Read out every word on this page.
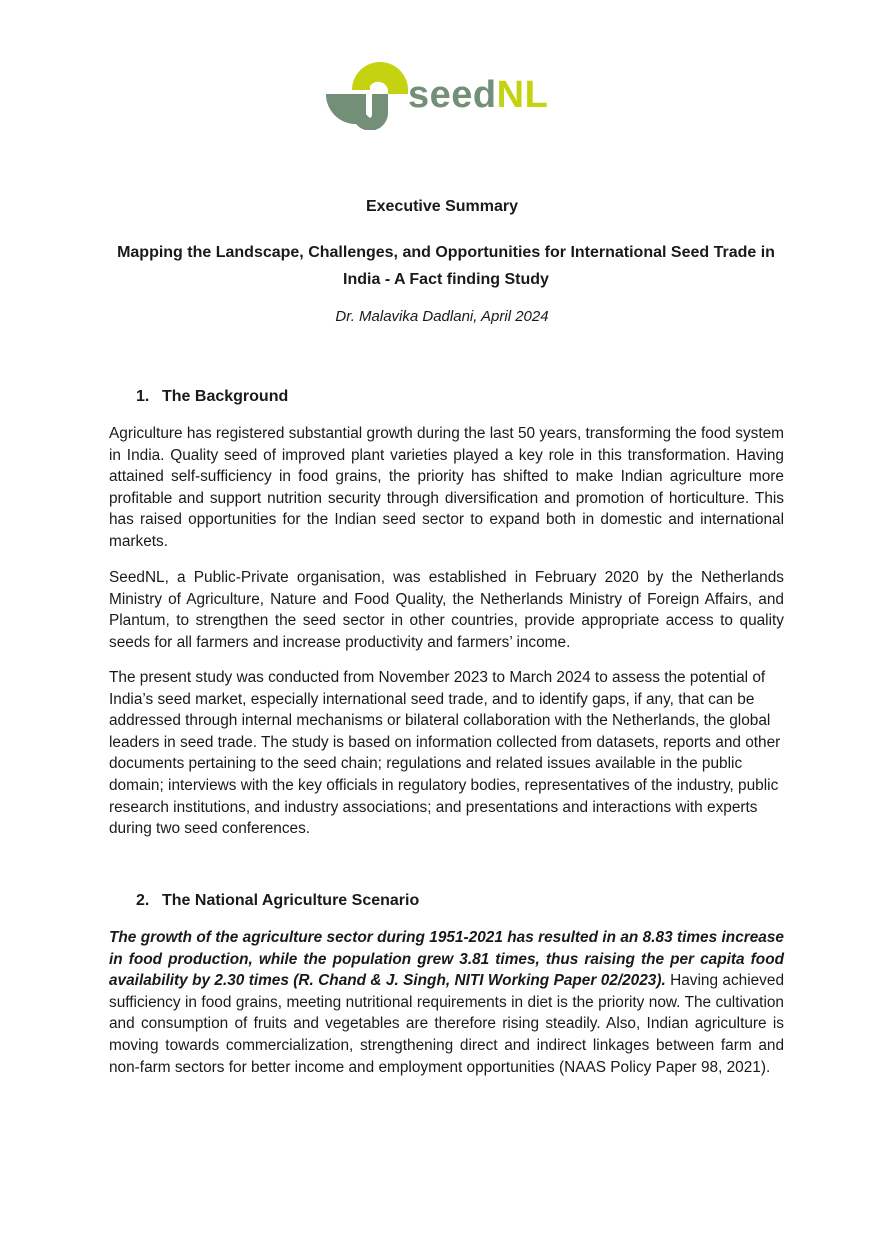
seedNL
Executive Summary
Mapping the Landscape, Challenges, and Opportunities for International Seed Trade in India - A Fact finding Study
Dr. Malavika Dadlani, April 2024
1. The Background

Agriculture has registered substantial growth during the last 50 years, transforming the food system in India. Quality seed of improved plant varieties played a key role in this transformation. Having attained self-sufficiency in food grains, the priority has shifted to make Indian agriculture more profitable and support nutrition security through diversification and promotion of horticulture. This has raised opportunities for the Indian seed sector to expand both in domestic and international markets.

SeedNL, a Public-Private organisation, was established in February 2020 by the Netherlands Ministry of Agriculture, Nature and Food Quality, the Netherlands Ministry of Foreign Affairs, and Plantum, to strengthen the seed sector in other countries, provide appropriate access to quality seeds for all farmers and increase productivity and farmers’ income.

The present study was conducted from November 2023 to March 2024 to assess the potential of India’s seed market, especially international seed trade, and to identify gaps, if any, that can be addressed through internal mechanisms or bilateral collaboration with the Netherlands, the global leaders in seed trade. The study is based on information collected from datasets, reports and other documents pertaining to the seed chain; regulations and related issues available in the public domain; interviews with the key officials in regulatory bodies, representatives of the industry, public research institutions, and industry associations; and presentations and interactions with experts during two seed conferences.

2. The National Agriculture Scenario

The growth of the agriculture sector during 1951-2021 has resulted in an 8.83 times increase in food production, while the population grew 3.81 times, thus raising the per capita food availability by 2.30 times (R. Chand & J. Singh, NITI Working Paper 02/2023). Having achieved sufficiency in food grains, meeting nutritional requirements in diet is the priority now. The cultivation and consumption of fruits and vegetables are therefore rising steadily. Also, Indian agriculture is moving towards commercialization, strengthening direct and indirect linkages between farm and non-farm sectors for better income and employment opportunities (NAAS Policy Paper 98, 2021).
